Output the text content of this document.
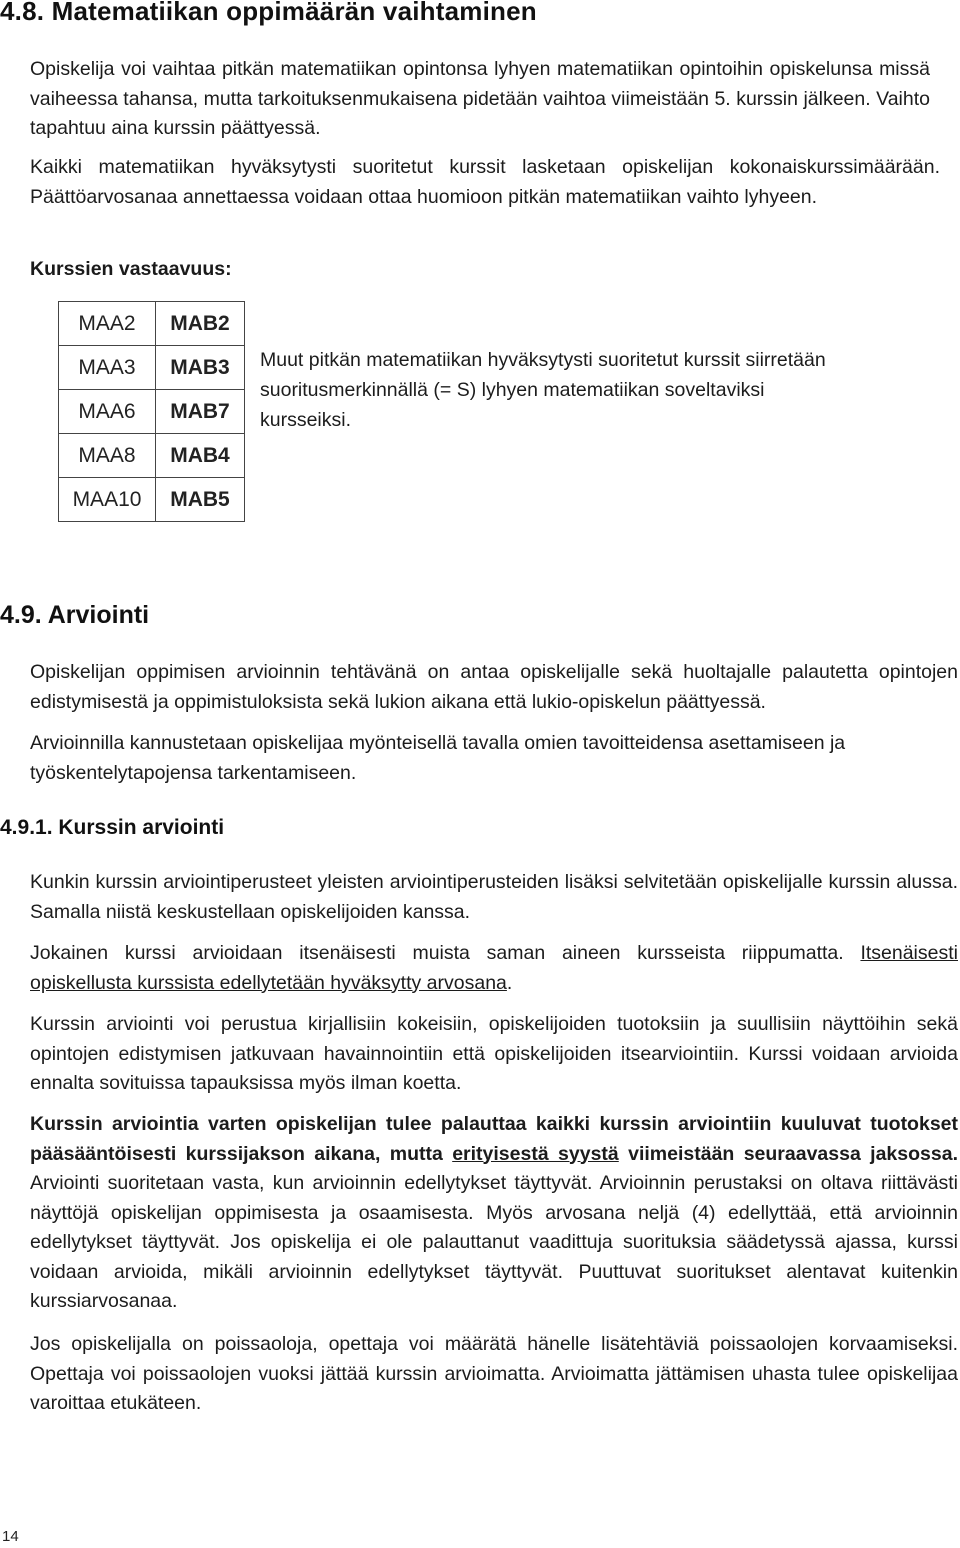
4.8. Matematiikan oppimäärän vaihtaminen

Opiskelija voi vaihtaa pitkän matematiikan opintonsa lyhyen matematiikan opintoihin opiskelunsa missä vaiheessa tahansa, mutta tarkoituksenmukaisena pidetään vaihtoa viimeistään 5. kurssin jälkeen. Vaihto tapahtuu aina kurssin päättyessä.

Kaikki matematiikan hyväksytysti suoritetut kurssit lasketaan opiskelijan kokonaiskurssimäärään. Päättöarvosanaa annettaessa voidaan ottaa huomioon pitkän matematiikan vaihto lyhyeen.

Kurssien vastaavuus:

MAA2	MAB2
MAA3	MAB3
MAA6	MAB7
MAA8	MAB4
MAA10	MAB5

Muut pitkän matematiikan hyväksytysti suoritetut kurssit siirretään suoritusmerkinnällä (= S) lyhyen matematiikan soveltaviksi kursseiksi.

4.9. Arviointi

Opiskelijan oppimisen arvioinnin tehtävänä on antaa opiskelijalle sekä huoltajalle palautetta opintojen edistymisestä ja oppimistuloksista sekä lukion aikana että lukio-opiskelun päättyessä.

Arvioinnilla kannustetaan opiskelijaa myönteisellä tavalla omien tavoitteidensa asettamiseen ja työskentelytapojensa tarkentamiseen.

4.9.1. Kurssin arviointi

Kunkin kurssin arviointiperusteet yleisten arviointiperusteiden lisäksi selvitetään opiskelijalle kurssin alussa. Samalla niistä keskustellaan opiskelijoiden kanssa.

Jokainen kurssi arvioidaan itsenäisesti muista saman aineen kursseista riippumatta. Itsenäisesti opiskellusta kurssista edellytetään hyväksytty arvosana.

Kurssin arviointi voi perustua kirjallisiin kokeisiin, opiskelijoiden tuotoksiin ja suullisiin näyttöihin sekä opintojen edistymisen jatkuvaan havainnointiin että opiskelijoiden itsearviointiin. Kurssi voidaan arvioida ennalta sovituissa tapauksissa myös ilman koetta.

Kurssin arviointia varten opiskelijan tulee palauttaa kaikki kurssin arviointiin kuuluvat tuotokset pääsääntöisesti kurssijakson aikana, mutta erityisestä syystä viimeistään seuraavassa jaksossa. Arviointi suoritetaan vasta, kun arvioinnin edellytykset täyttyvät. Arvioinnin perustaksi on oltava riittävästi näyttöjä opiskelijan oppimisesta ja osaamisesta. Myös arvosana neljä (4) edellyttää, että arvioinnin edellytykset täyttyvät. Jos opiskelija ei ole palauttanut vaadittuja suorituksia säädetyssä ajassa, kurssi voidaan arvioida, mikäli arvioinnin edellytykset täyttyvät. Puuttuvat suoritukset alentavat kuitenkin kurssiarvosanaa.

Jos opiskelijalla on poissaoloja, opettaja voi määrätä hänelle lisätehtäviä poissaolojen korvaamiseksi. Opettaja voi poissaolojen vuoksi jättää kurssin arvioimatta. Arvioimatta jättämisen uhasta tulee opiskelijaa varoittaa etukäteen.

14
